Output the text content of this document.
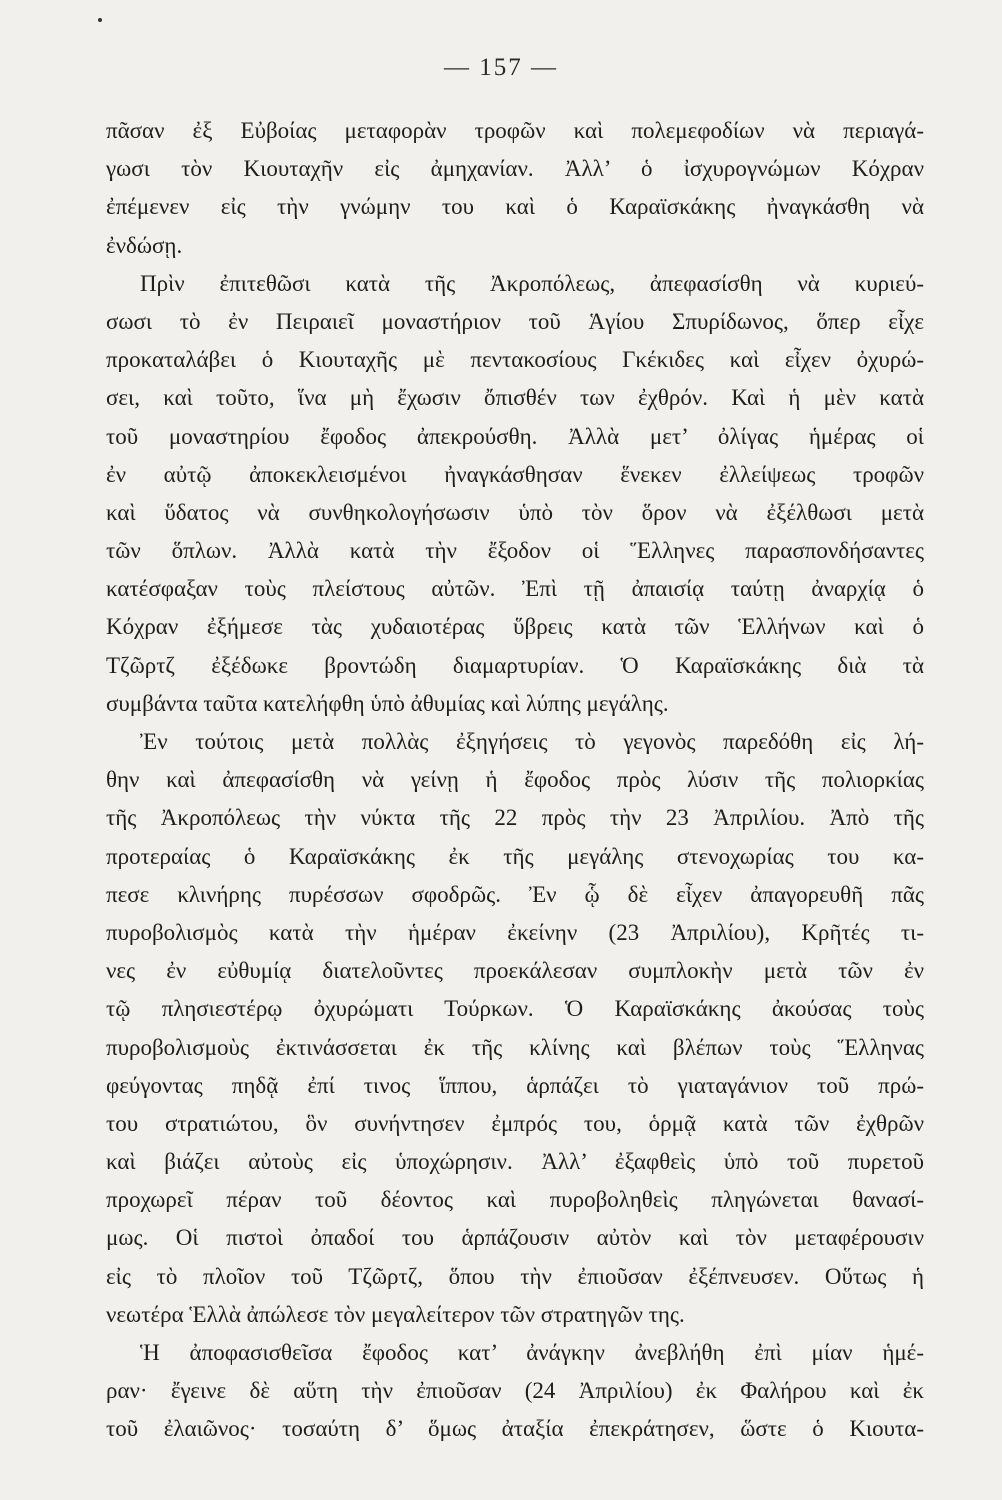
— 157 —
πᾶσαν ἐξ Εὐβοίας μεταφορὰν τροφῶν καὶ πολεμεφοδίων νὰ περιαγά-
γωσι τὸν Κιουταχῆν εἰς ἀμηχανίαν. Ἀλλ’ ὁ ἰσχυρογνώμων Κόχραν
ἐπέμενεν εἰς τὴν γνώμην του καὶ ὁ Καραϊσκάκης ἠναγκάσθη νὰ
ἐνδώσῃ.
Πρὶν ἐπιτεθῶσι κατὰ τῆς Ἀκροπόλεως, ἀπεφασίσθη νὰ κυριεύ-
σωσι τὸ ἐν Πειραιεῖ μοναστήριον τοῦ Ἁγίου Σπυρίδωνος, ὅπερ εἶχε
προκαταλάβει ὁ Κιουταχῆς μὲ πεντακοσίους Γκέκιδες καὶ εἶχεν ὀχυρώ-
σει, καὶ τοῦτο, ἵνα μὴ ἔχωσιν ὄπισθέν των ἐχθρόν. Καὶ ἡ μὲν κατὰ
τοῦ μοναστηρίου ἔφοδος ἀπεκρούσθη. Ἀλλὰ μετ’ ὀλίγας ἡμέρας οἱ
ἐν αὐτῷ ἀποκεκλεισμένοι ἠναγκάσθησαν ἕνεκεν ἐλλείψεως τροφῶν
καὶ ὕδατος νὰ συνθηκολογήσωσιν ὑπὸ τὸν ὅρον νὰ ἐξέλθωσι μετὰ
τῶν ὅπλων. Ἀλλὰ κατὰ τὴν ἔξοδον οἱ Ἕλληνες παρασπονδήσαντες
κατέσφαξαν τοὺς πλείστους αὐτῶν. Ἐπὶ τῇ ἀπαισίᾳ ταύτῃ ἀναρχίᾳ ὁ
Κόχραν ἐξήμεσε τὰς χυδαιοτέρας ὕβρεις κατὰ τῶν Ἑλλήνων καὶ ὁ
Τζῶρτζ ἐξέδωκε βροντώδη διαμαρτυρίαν. Ὁ Καραϊσκάκης διὰ τὰ
συμβάντα ταῦτα κατελήφθη ὑπὸ ἀθυμίας καὶ λύπης μεγάλης.
Ἐν τούτοις μετὰ πολλὰς ἐξηγήσεις τὸ γεγονὸς παρεδόθη εἰς λή-
θην καὶ ἀπεφασίσθη νὰ γείνῃ ἡ ἔφοδος πρὸς λύσιν τῆς πολιορκίας
τῆς Ἀκροπόλεως τὴν νύκτα τῆς 22 πρὸς τὴν 23 Ἀπριλίου. Ἀπὸ τῆς
προτεραίας ὁ Καραϊσκάκης ἐκ τῆς μεγάλης στενοχωρίας του κα-
πεσε κλινήρης πυρέσσων σφοδρῶς. Ἐν ᾧ δὲ εἶχεν ἀπαγορευθῆ πᾶς
πυροβολισμὸς κατὰ τὴν ἡμέραν ἐκείνην (23 Ἀπριλίου), Κρῆτές τι-
νες ἐν εὐθυμίᾳ διατελοῦντες προεκάλεσαν συμπλοκὴν μετὰ τῶν ἐν
τῷ πλησιεστέρῳ ὀχυρώματι Τούρκων. Ὁ Καραϊσκάκης ἀκούσας τοὺς
πυροβολισμοὺς ἐκτινάσσεται ἐκ τῆς κλίνης καὶ βλέπων τοὺς Ἕλληνας
φεύγοντας πηδᾷ ἐπί τινος ἵππου, ἁρπάζει τὸ γιαταγάνιον τοῦ πρώ-
του στρατιώτου, ὃν συνήντησεν ἐμπρός του, ὁρμᾷ κατὰ τῶν ἐχθρῶν
καὶ βιάζει αὐτοὺς εἰς ὑποχώρησιν. Ἀλλ’ ἐξαφθεὶς ὑπὸ τοῦ πυρετοῦ
προχωρεῖ πέραν τοῦ δέοντος καὶ πυροβοληθεὶς πληγώνεται θανασί-
μως. Οἱ πιστοὶ ὀπαδοί του ἁρπάζουσιν αὐτὸν καὶ τὸν μεταφέρουσιν
εἰς τὸ πλοῖον τοῦ Τζῶρτζ, ὅπου τὴν ἐπιοῦσαν ἐξέπνευσεν. Οὕτως ἡ
νεωτέρα Ἑλλὰ ἀπώλεσε τὸν μεγαλείτερον τῶν στρατηγῶν της.
Ἡ ἀποφασισθεῖσα ἔφοδος κατ’ ἀνάγκην ἀνεβλήθη ἐπὶ μίαν ἡμέ-
ραν· ἔγεινε δὲ αὕτη τὴν ἐπιοῦσαν (24 Ἀπριλίου) ἐκ Φαλήρου καὶ ἐκ
τοῦ ἐλαιῶνος· τοσαύτη δ’ ὅμως ἀταξία ἐπεκράτησεν, ὥστε ὁ Κιουτα-
